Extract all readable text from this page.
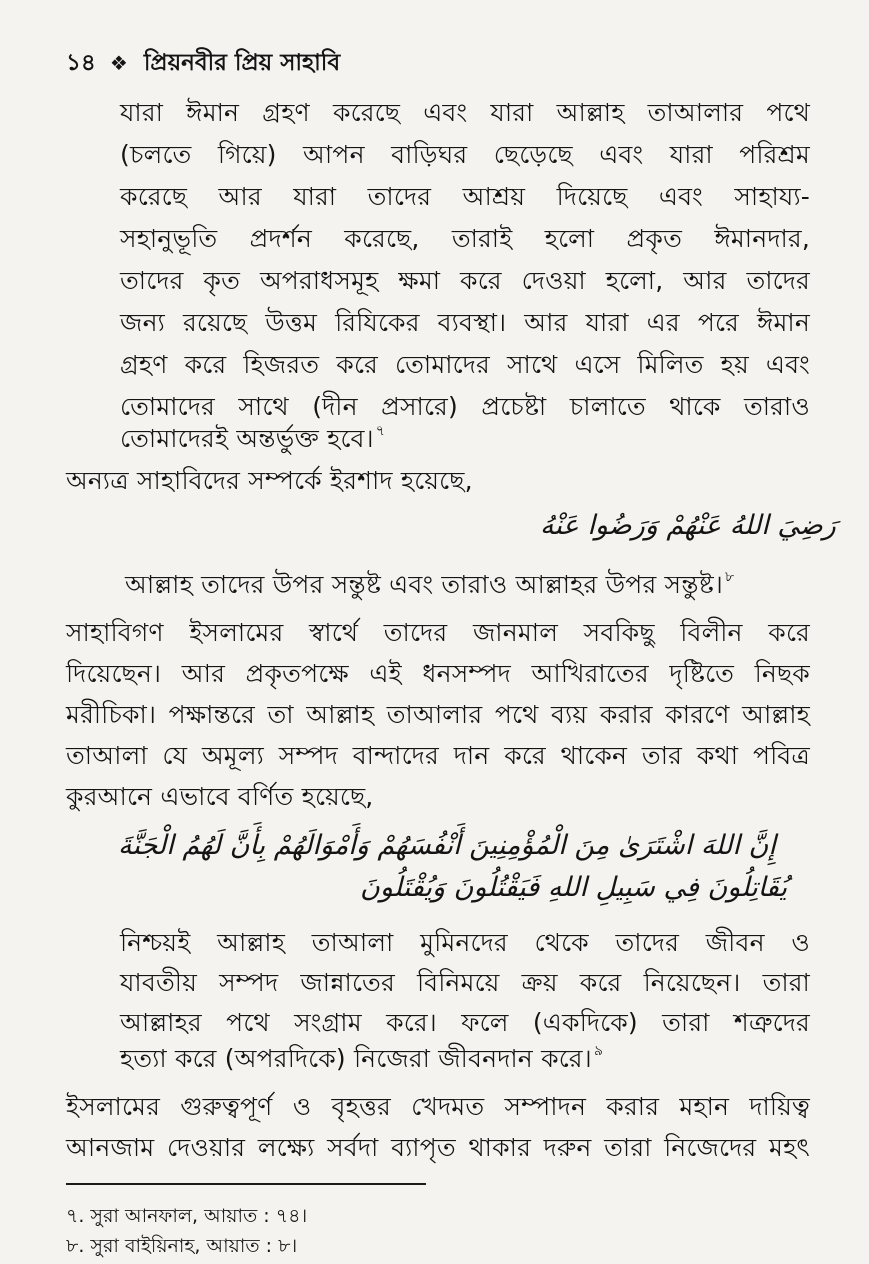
১৪ ❖ প্রিয়নবীর প্রিয় সাহাবি
যারা ঈমান গ্রহণ করেছে এবং যারা আল্লাহ তাআলার পথে
(চলতে গিয়ে) আপন বাড়িঘর ছেড়েছে এবং যারা পরিশ্রম
করেছে আর যারা তাদের আশ্রয় দিয়েছে এবং সাহায্য-
সহানুভূতি প্রদর্শন করেছে, তারাই হলো প্রকৃত ঈমানদার,
তাদের কৃত অপরাধসমূহ ক্ষমা করে দেওয়া হলো, আর তাদের
জন্য রয়েছে উত্তম রিযিকের ব্যবস্থা। আর যারা এর পরে ঈমান
গ্রহণ করে হিজরত করে তোমাদের সাথে এসে মিলিত হয় এবং
তোমাদের সাথে (দীন প্রসারে) প্রচেষ্টা চালাতে থাকে তারাও
তোমাদেরই অন্তর্ভুক্ত হবে। $^৭$
অন্যত্র সাহাবিদের সম্পর্কে ইরশাদ হয়েছে,
رَضِيَ اللهُ عَنْهُمْ وَرَضُوا عَنْهُ
আল্লাহ তাদের উপর সন্তুষ্ট এবং তারাও আল্লাহর উপর সন্তুষ্ট। $^৮$
সাহাবিগণ ইসলামের স্বার্থে তাদের জানমাল সবকিছু বিলীন করে
দিয়েছেন। আর প্রকৃতপক্ষে এই ধনসম্পদ আখিরাতের দৃষ্টিতে নিছক
মরীচিকা। পক্ষান্তরে তা আল্লাহ তাআলার পথে ব্যয় করার কারণে আল্লাহ
তাআলা যে অমূল্য সম্পদ বান্দাদের দান করে থাকেন তার কথা পবিত্র
কুরআনে এভাবে বর্ণিত হয়েছে,
إِنَّ اللهَ اشْتَرَىٰ مِنَ الْمُؤْمِنِينَ أَنْفُسَهُمْ وَأَمْوَالَهُمْ بِأَنَّ لَهُمُ الْجَنَّةَ
يُقَاتِلُونَ فِي سَبِيلِ اللهِ فَيَقْتُلُونَ وَيُقْتَلُونَ
নিশ্চয়ই আল্লাহ তাআলা মুমিনদের থেকে তাদের জীবন ও
যাবতীয় সম্পদ জান্নাতের বিনিময়ে ক্রয় করে নিয়েছেন। তারা
আল্লাহর পথে সংগ্রাম করে। ফলে (একদিকে) তারা শত্রুদের
হত্যা করে (অপরদিকে) নিজেরা জীবনদান করে। $^৯$
ইসলামের গুরুত্বপূর্ণ ও বৃহত্তর খেদমত সম্পাদন করার মহান দায়িত্ব
আনজাম দেওয়ার লক্ষ্যে সর্বদা ব্যাপৃত থাকার দরুন তারা নিজেদের মহৎ
৭. সুরা আনফাল, আয়াত : ৭৪।
৮. সুরা বাইয়িনাহ, আয়াত : ৮।
